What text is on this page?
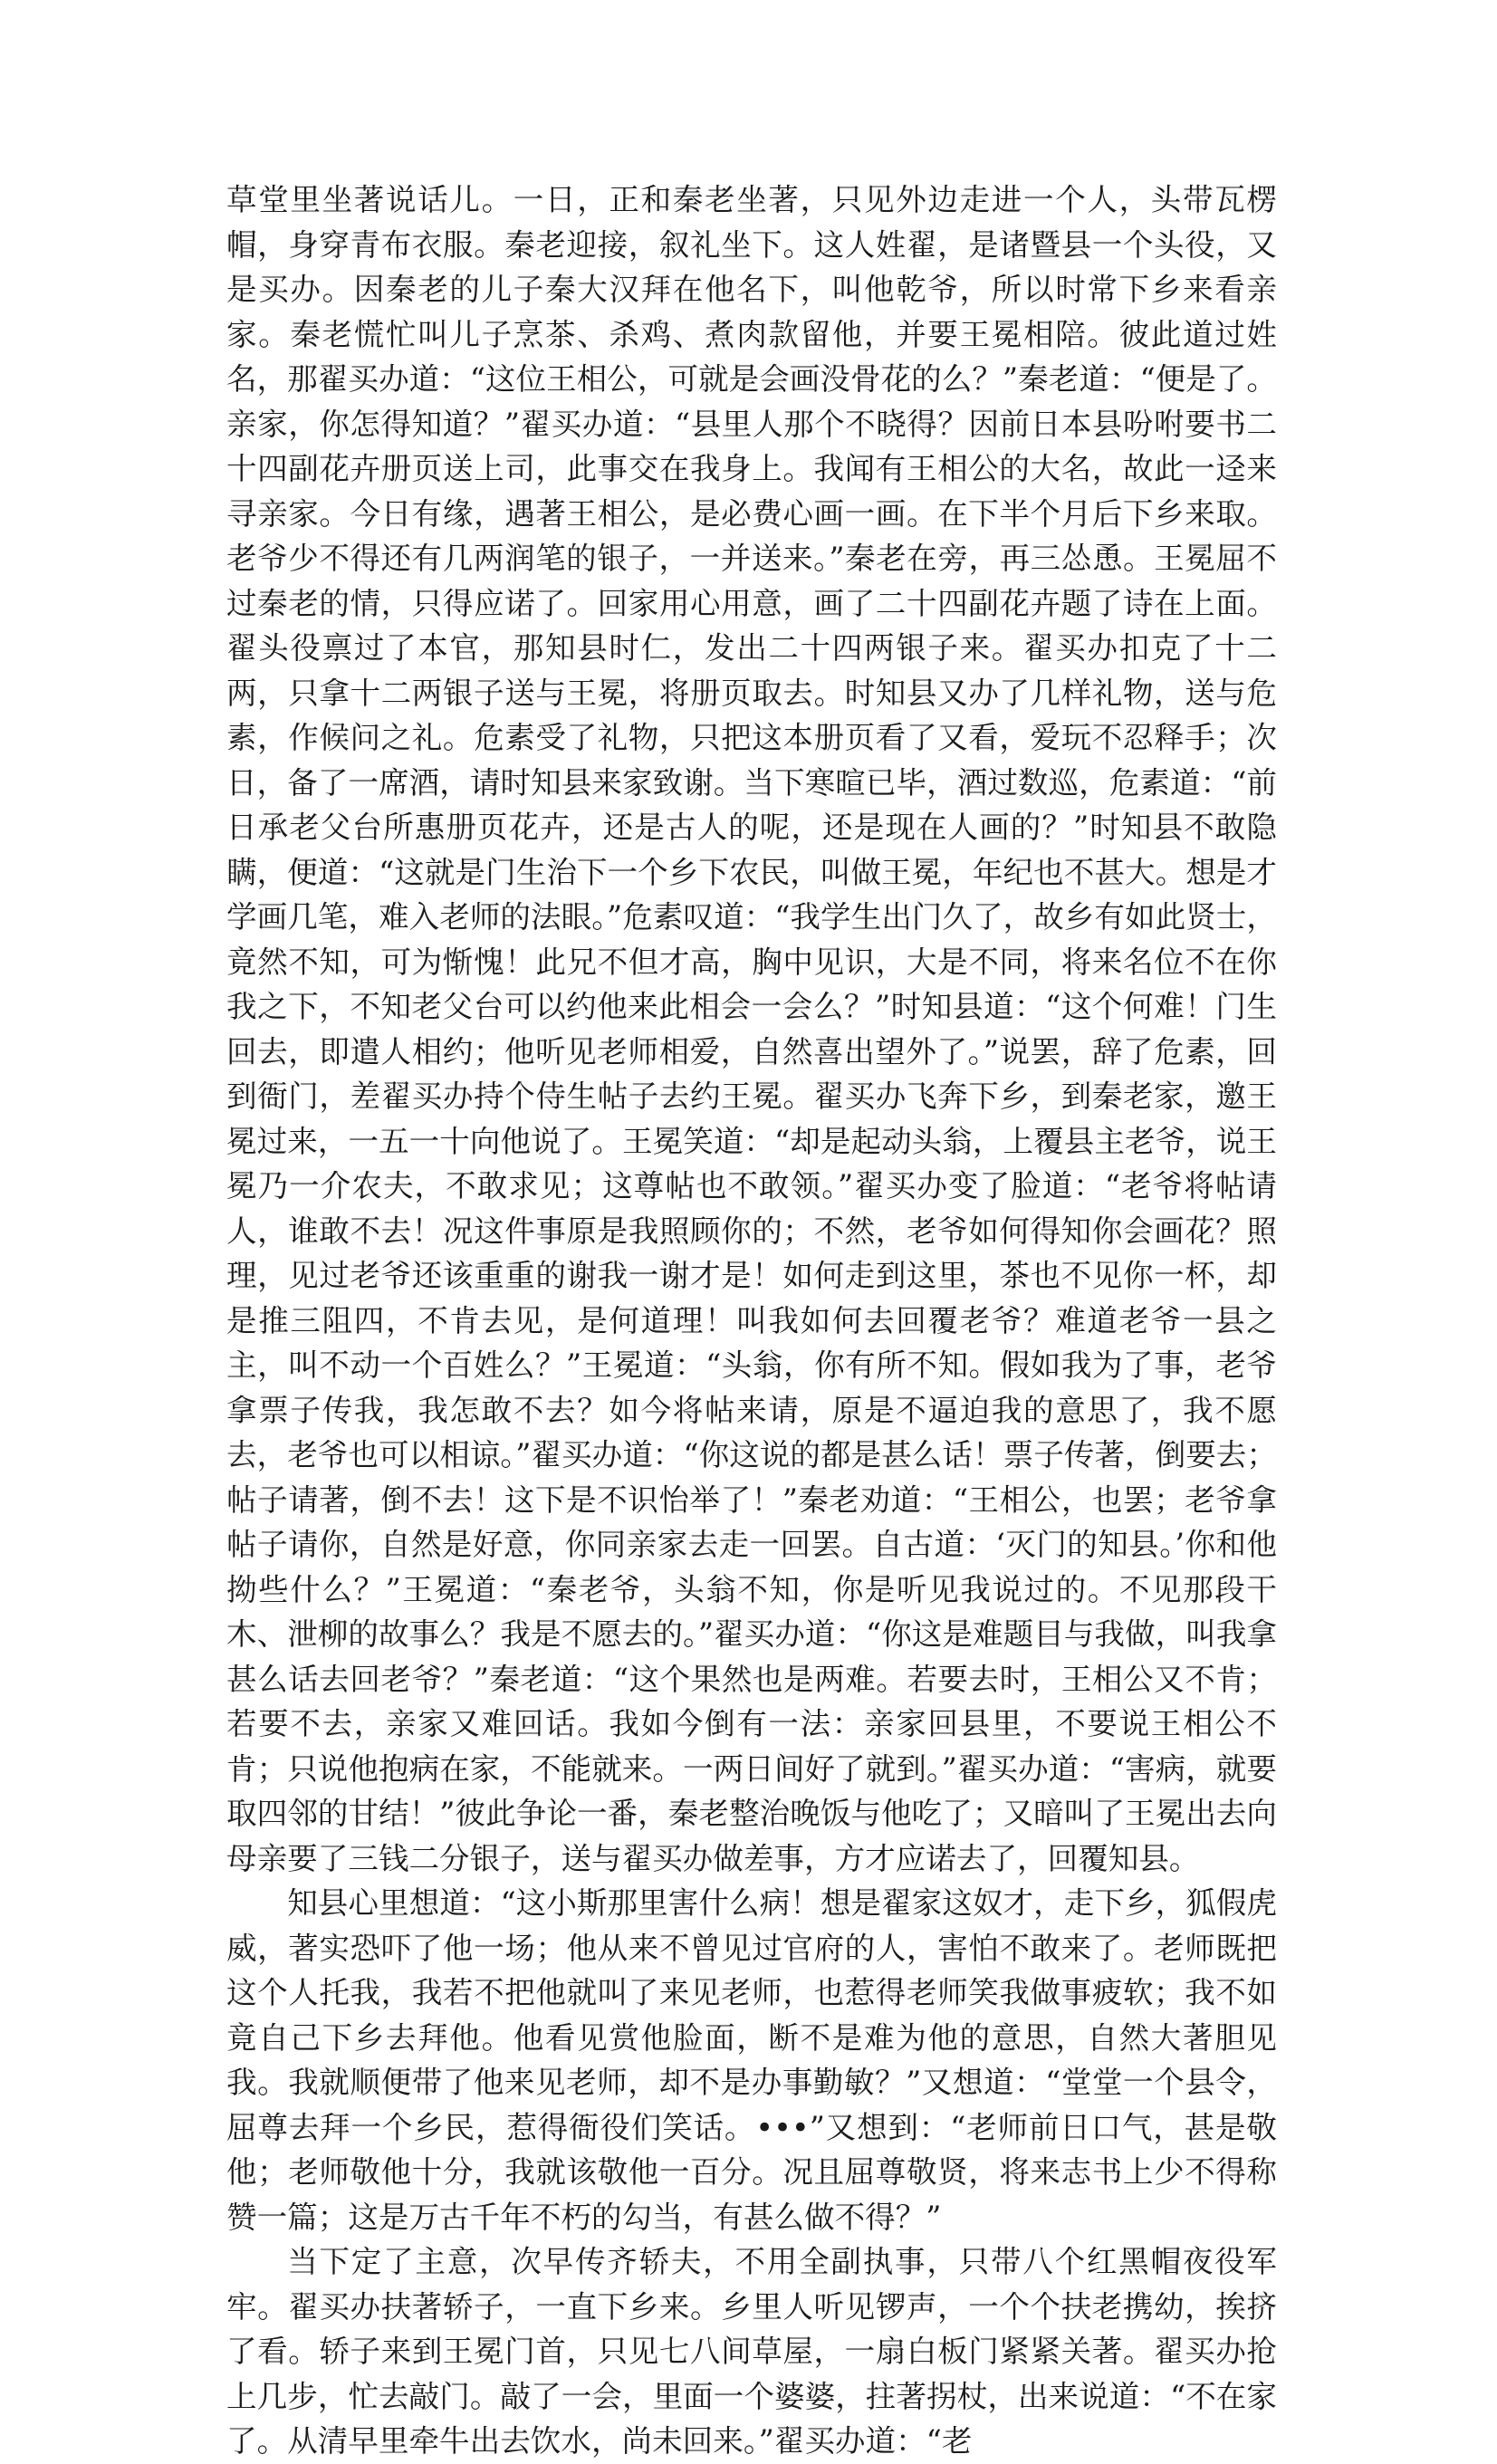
草堂里坐著说话儿。一日，正和秦老坐著，只见外边走进一个人，头带瓦楞帽，身穿青布衣服。秦老迎接，叙礼坐下。这人姓翟，是诸暨县一个头役，又是买办。因秦老的儿子秦大汉拜在他名下，叫他乾爷，所以时常下乡来看亲家。秦老慌忙叫儿子烹茶、杀鸡、煮肉款留他，并要王冕相陪。彼此道过姓名，那翟买办道：“这位王相公，可就是会画没骨花的么？”秦老道：“便是了。亲家，你怎得知道？”翟买办道：“县里人那个不晓得？因前日本县吩咐要书二十四副花卉册页送上司，此事交在我身上。我闻有王相公的大名，故此一迳来寻亲家。今日有缘，遇著王相公，是必费心画一画。在下半个月后下乡来取。老爷少不得还有几两润笔的银子，一并送来。”秦老在旁，再三怂恿。王冕屈不过秦老的情，只得应诺了。回家用心用意，画了二十四副花卉题了诗在上面。翟头役禀过了本官，那知县时仁，发出二十四两银子来。翟买办扣克了十二两，只拿十二两银子送与王冕，将册页取去。时知县又办了几样礼物，送与危素，作候问之礼。危素受了礼物，只把这本册页看了又看，爱玩不忍释手；次日，备了一席酒，请时知县来家致谢。当下寒暄已毕，酒过数巡，危素道：“前日承老父台所惠册页花卉，还是古人的呢，还是现在人画的？”时知县不敢隐瞒，便道：“这就是门生治下一个乡下农民，叫做王冕，年纪也不甚大。想是才学画几笔，难入老师的法眼。”危素叹道：“我学生出门久了，故乡有如此贤士，竟然不知，可为惭愧！此兄不但才高，胸中见识，大是不同，将来名位不在你我之下，不知老父台可以约他来此相会一会么？”时知县道：“这个何难！门生回去，即遣人相约；他听见老师相爱，自然喜出望外了。”说罢，辞了危素，回到衙门，差翟买办持个侍生帖子去约王冕。翟买办飞奔下乡，到秦老家，邀王冕过来，一五一十向他说了。王冕笑道：“却是起动头翁，上覆县主老爷，说王冕乃一介农夫，不敢求见；这尊帖也不敢领。”翟买办变了脸道：“老爷将帖请人，谁敢不去！况这件事原是我照顾你的；不然，老爷如何得知你会画花？照理，见过老爷还该重重的谢我一谢才是！如何走到这里，茶也不见你一杯，却是推三阻四，不肯去见，是何道理！叫我如何去回覆老爷？难道老爷一县之主，叫不动一个百姓么？”王冕道：“头翁，你有所不知。假如我为了事，老爷拿票子传我，我怎敢不去？如今将帖来请，原是不逼迫我的意思了，我不愿去，老爷也可以相谅。”翟买办道：“你这说的都是甚么话！票子传著，倒要去；帖子请著，倒不去！这下是不识怡举了！”秦老劝道：“王相公，也罢；老爷拿帖子请你，自然是好意，你同亲家去走一回罢。自古道：‘灭门的知县。’你和他拗些什么？”王冕道：“秦老爷，头翁不知，你是听见我说过的。不见那段干木、泄柳的故事么？我是不愿去的。”翟买办道：“你这是难题目与我做，叫我拿甚么话去回老爷？”秦老道：“这个果然也是两难。若要去时，王相公又不肯；若要不去，亲家又难回话。我如今倒有一法：亲家回县里，不要说王相公不肯；只说他抱病在家，不能就来。一两日间好了就到。”翟买办道：“害病，就要取四邻的甘结！”彼此争论一番，秦老整治晚饭与他吃了；又暗叫了王冕出去向母亲要了三钱二分银子，送与翟买办做差事，方才应诺去了，回覆知县。

知县心里想道：“这小斯那里害什么病！想是翟家这奴才，走下乡，狐假虎威，著实恐吓了他一场；他从来不曾见过官府的人，害怕不敢来了。老师既把这个人托我，我若不把他就叫了来见老师，也惹得老师笑我做事疲软；我不如竟自己下乡去拜他。他看见赏他脸面，断不是难为他的意思，自然大著胆见我。我就顺便带了他来见老师，却不是办事勤敏？”又想道：“堂堂一个县令，屈尊去拜一个乡民，惹得衙役们笑话。•••”又想到：“老师前日口气，甚是敬他；老师敬他十分，我就该敬他一百分。况且屈尊敬贤，将来志书上少不得称赞一篇；这是万古千年不朽的勾当，有甚么做不得？”

当下定了主意，次早传齐轿夫，不用全副执事，只带八个红黑帽夜役军牢。翟买办扶著轿子，一直下乡来。乡里人听见锣声，一个个扶老携幼，挨挤了看。轿子来到王冕门首，只见七八间草屋，一扇白板门紧紧关著。翟买办抢上几步，忙去敲门。敲了一会，里面一个婆婆，拄著拐杖，出来说道：“不在家了。从清早里牵牛出去饮水，尚未回来。”翟买办道：“老
